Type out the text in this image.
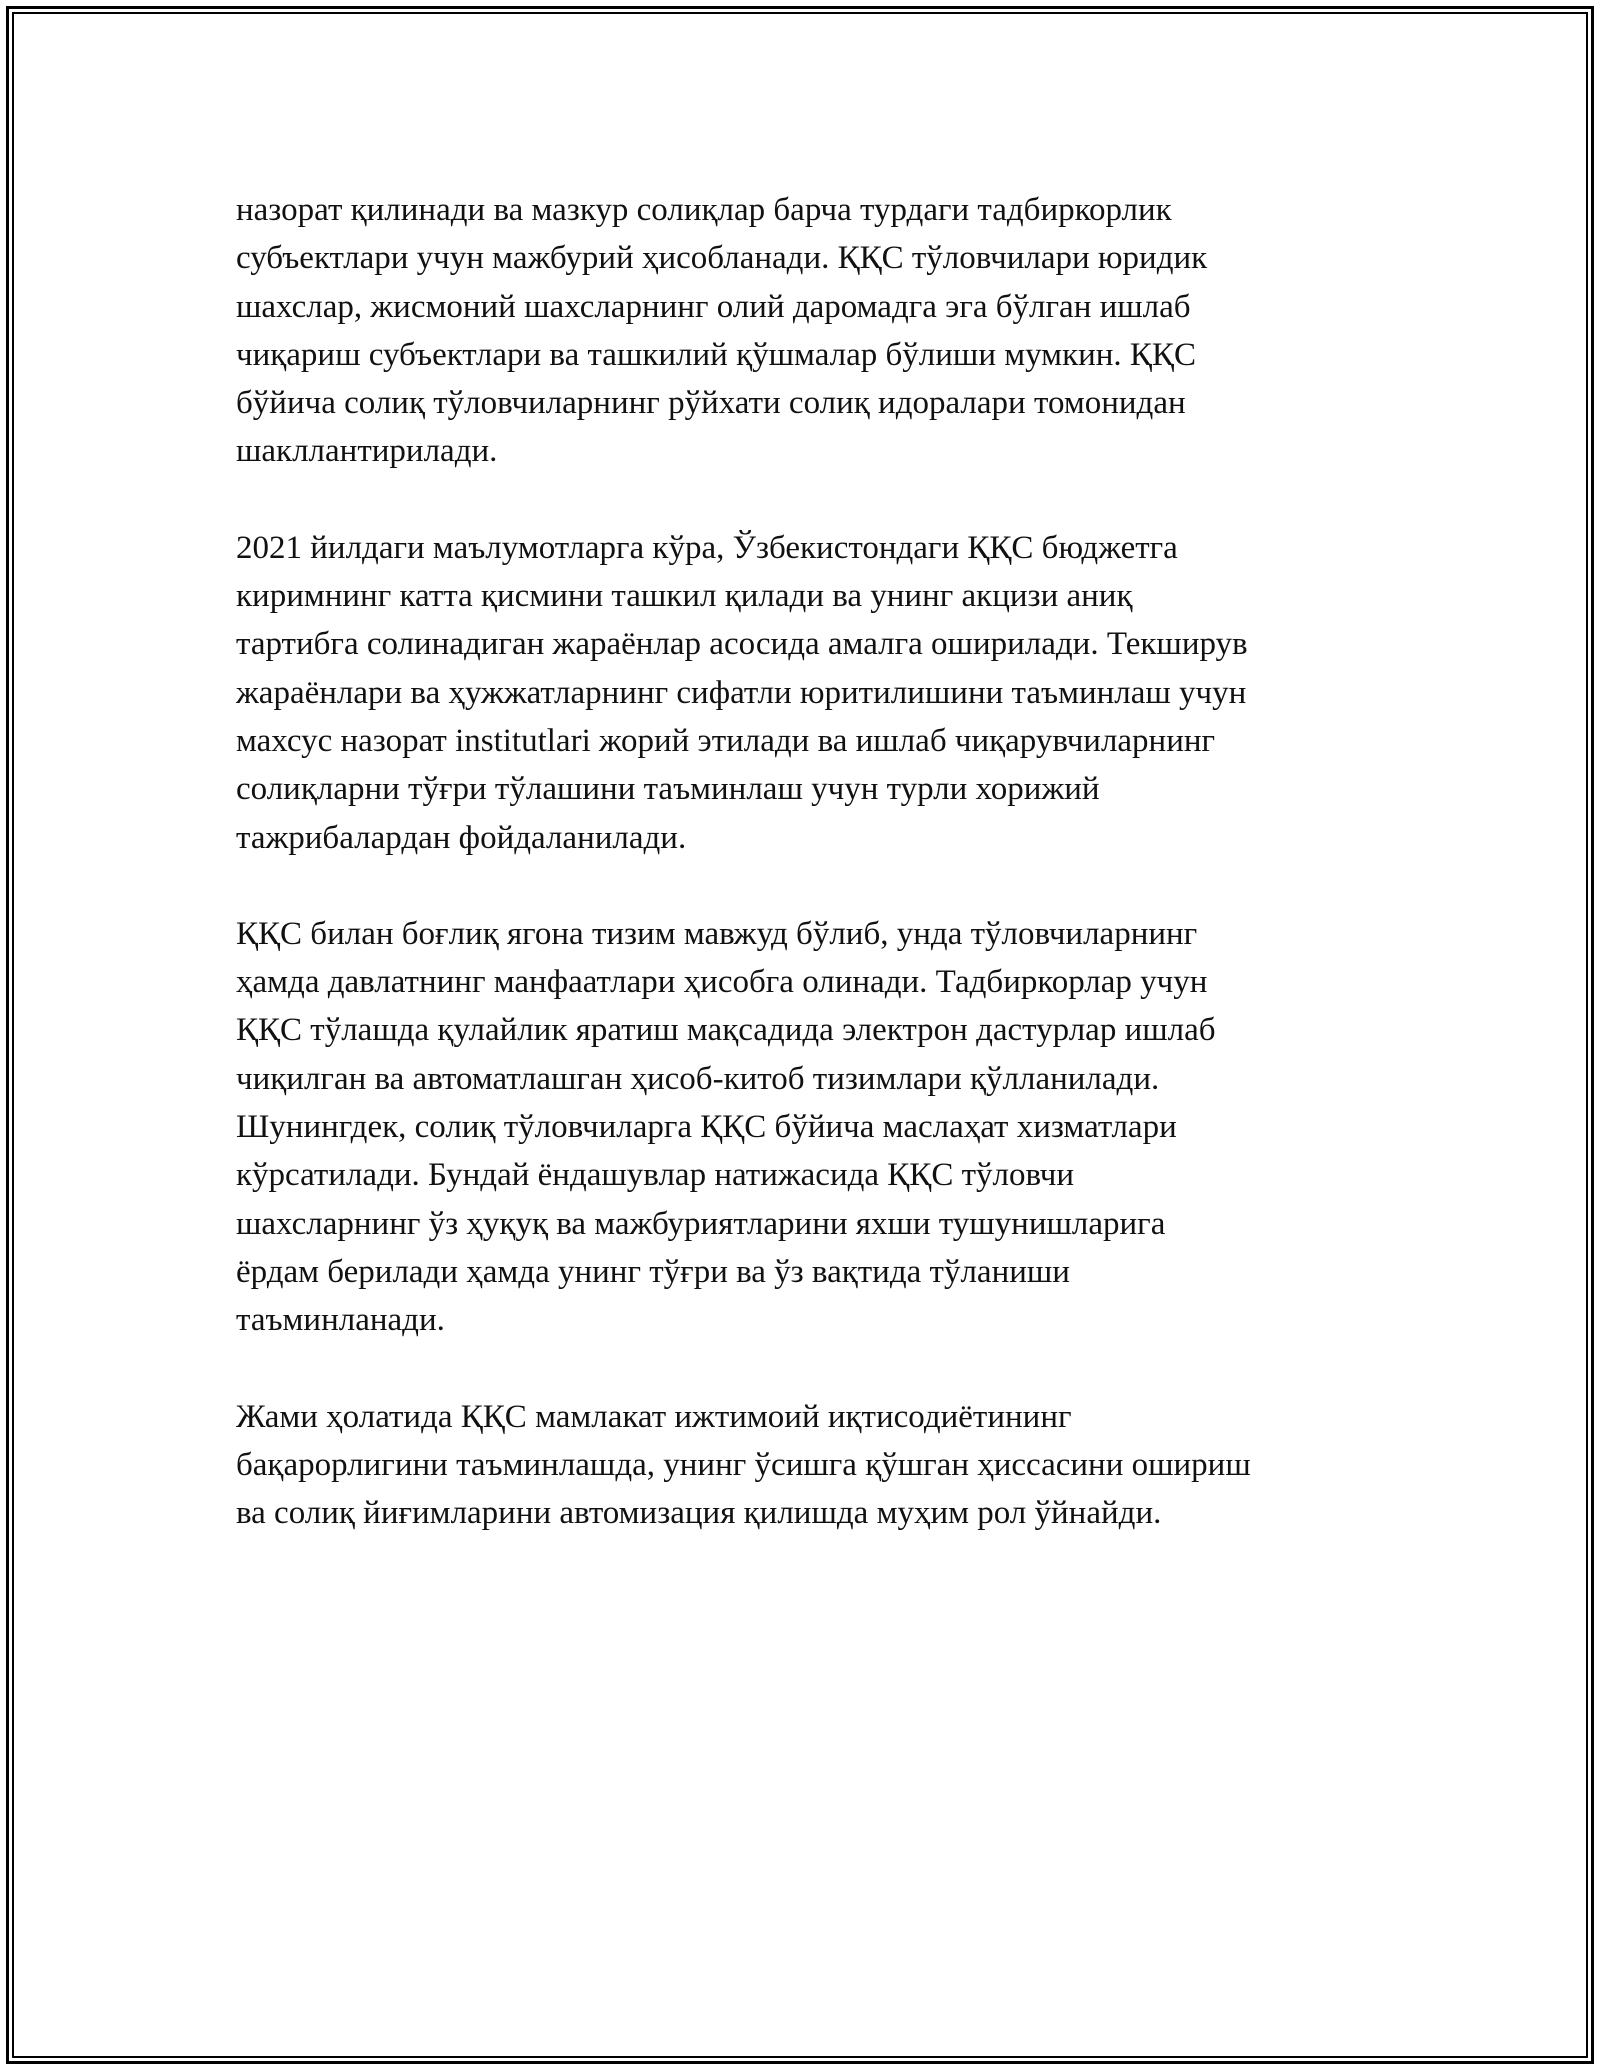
назорат қилинади ва мазкур солиқлар барча турдаги тадбиркорлик
субъектлари учун мажбурий ҳисобланади. ҚҚС тўловчилари юридик
шахслар, жисмоний шахсларнинг олий даромадга эга бўлган ишлаб
чиқариш субъектлари ва ташкилий қўшмалар бўлиши мумкин. ҚҚС
бўйича солиқ тўловчиларнинг рўйхати солиқ идоралари томонидан
шакллантирилади.

2021 йилдаги маълумотларга кўра, Ўзбекистондаги ҚҚС бюджетга
киримнинг катта қисмини ташкил қилади ва унинг акцизи аниқ
тартибга солинадиган жараёнлар асосида амалга оширилади. Текширув
жараёнлари ва ҳужжатларнинг сифатли юритилишини таъминлаш учун
махсус назорат institutlari жорий этилади ва ишлаб чиқарувчиларнинг
солиқларни тўғри тўлашини таъминлаш учун турли хорижий
тажрибалардан фойдаланилади.

ҚҚС билан боғлиқ ягона тизим мавжуд бўлиб, унда тўловчиларнинг
ҳамда давлатнинг манфаатлари ҳисобга олинади. Тадбиркорлар учун
ҚҚС тўлашда қулайлик яратиш мақсадида электрон дастурлар ишлаб
чиқилган ва автоматлашган ҳисоб-китоб тизимлари қўлланилади.
Шунингдек, солиқ тўловчиларга ҚҚС бўйича маслаҳат хизматлари
кўрсатилади. Бундай ёндашувлар натижасида ҚҚС тўловчи
шахсларнинг ўз ҳуқуқ ва мажбуриятларини яхши тушунишларига
ёрдам берилади ҳамда унинг тўғри ва ўз вақтида тўланиши
таъминланади.

Жами ҳолатида ҚҚС мамлакат ижтимоий иқтисодиётининг
бақарорлигини таъминлашда, унинг ўсишга қўшган ҳиссасини ошириш
ва солиқ йиғимларини автомизация қилишда муҳим рол ўйнайди.
